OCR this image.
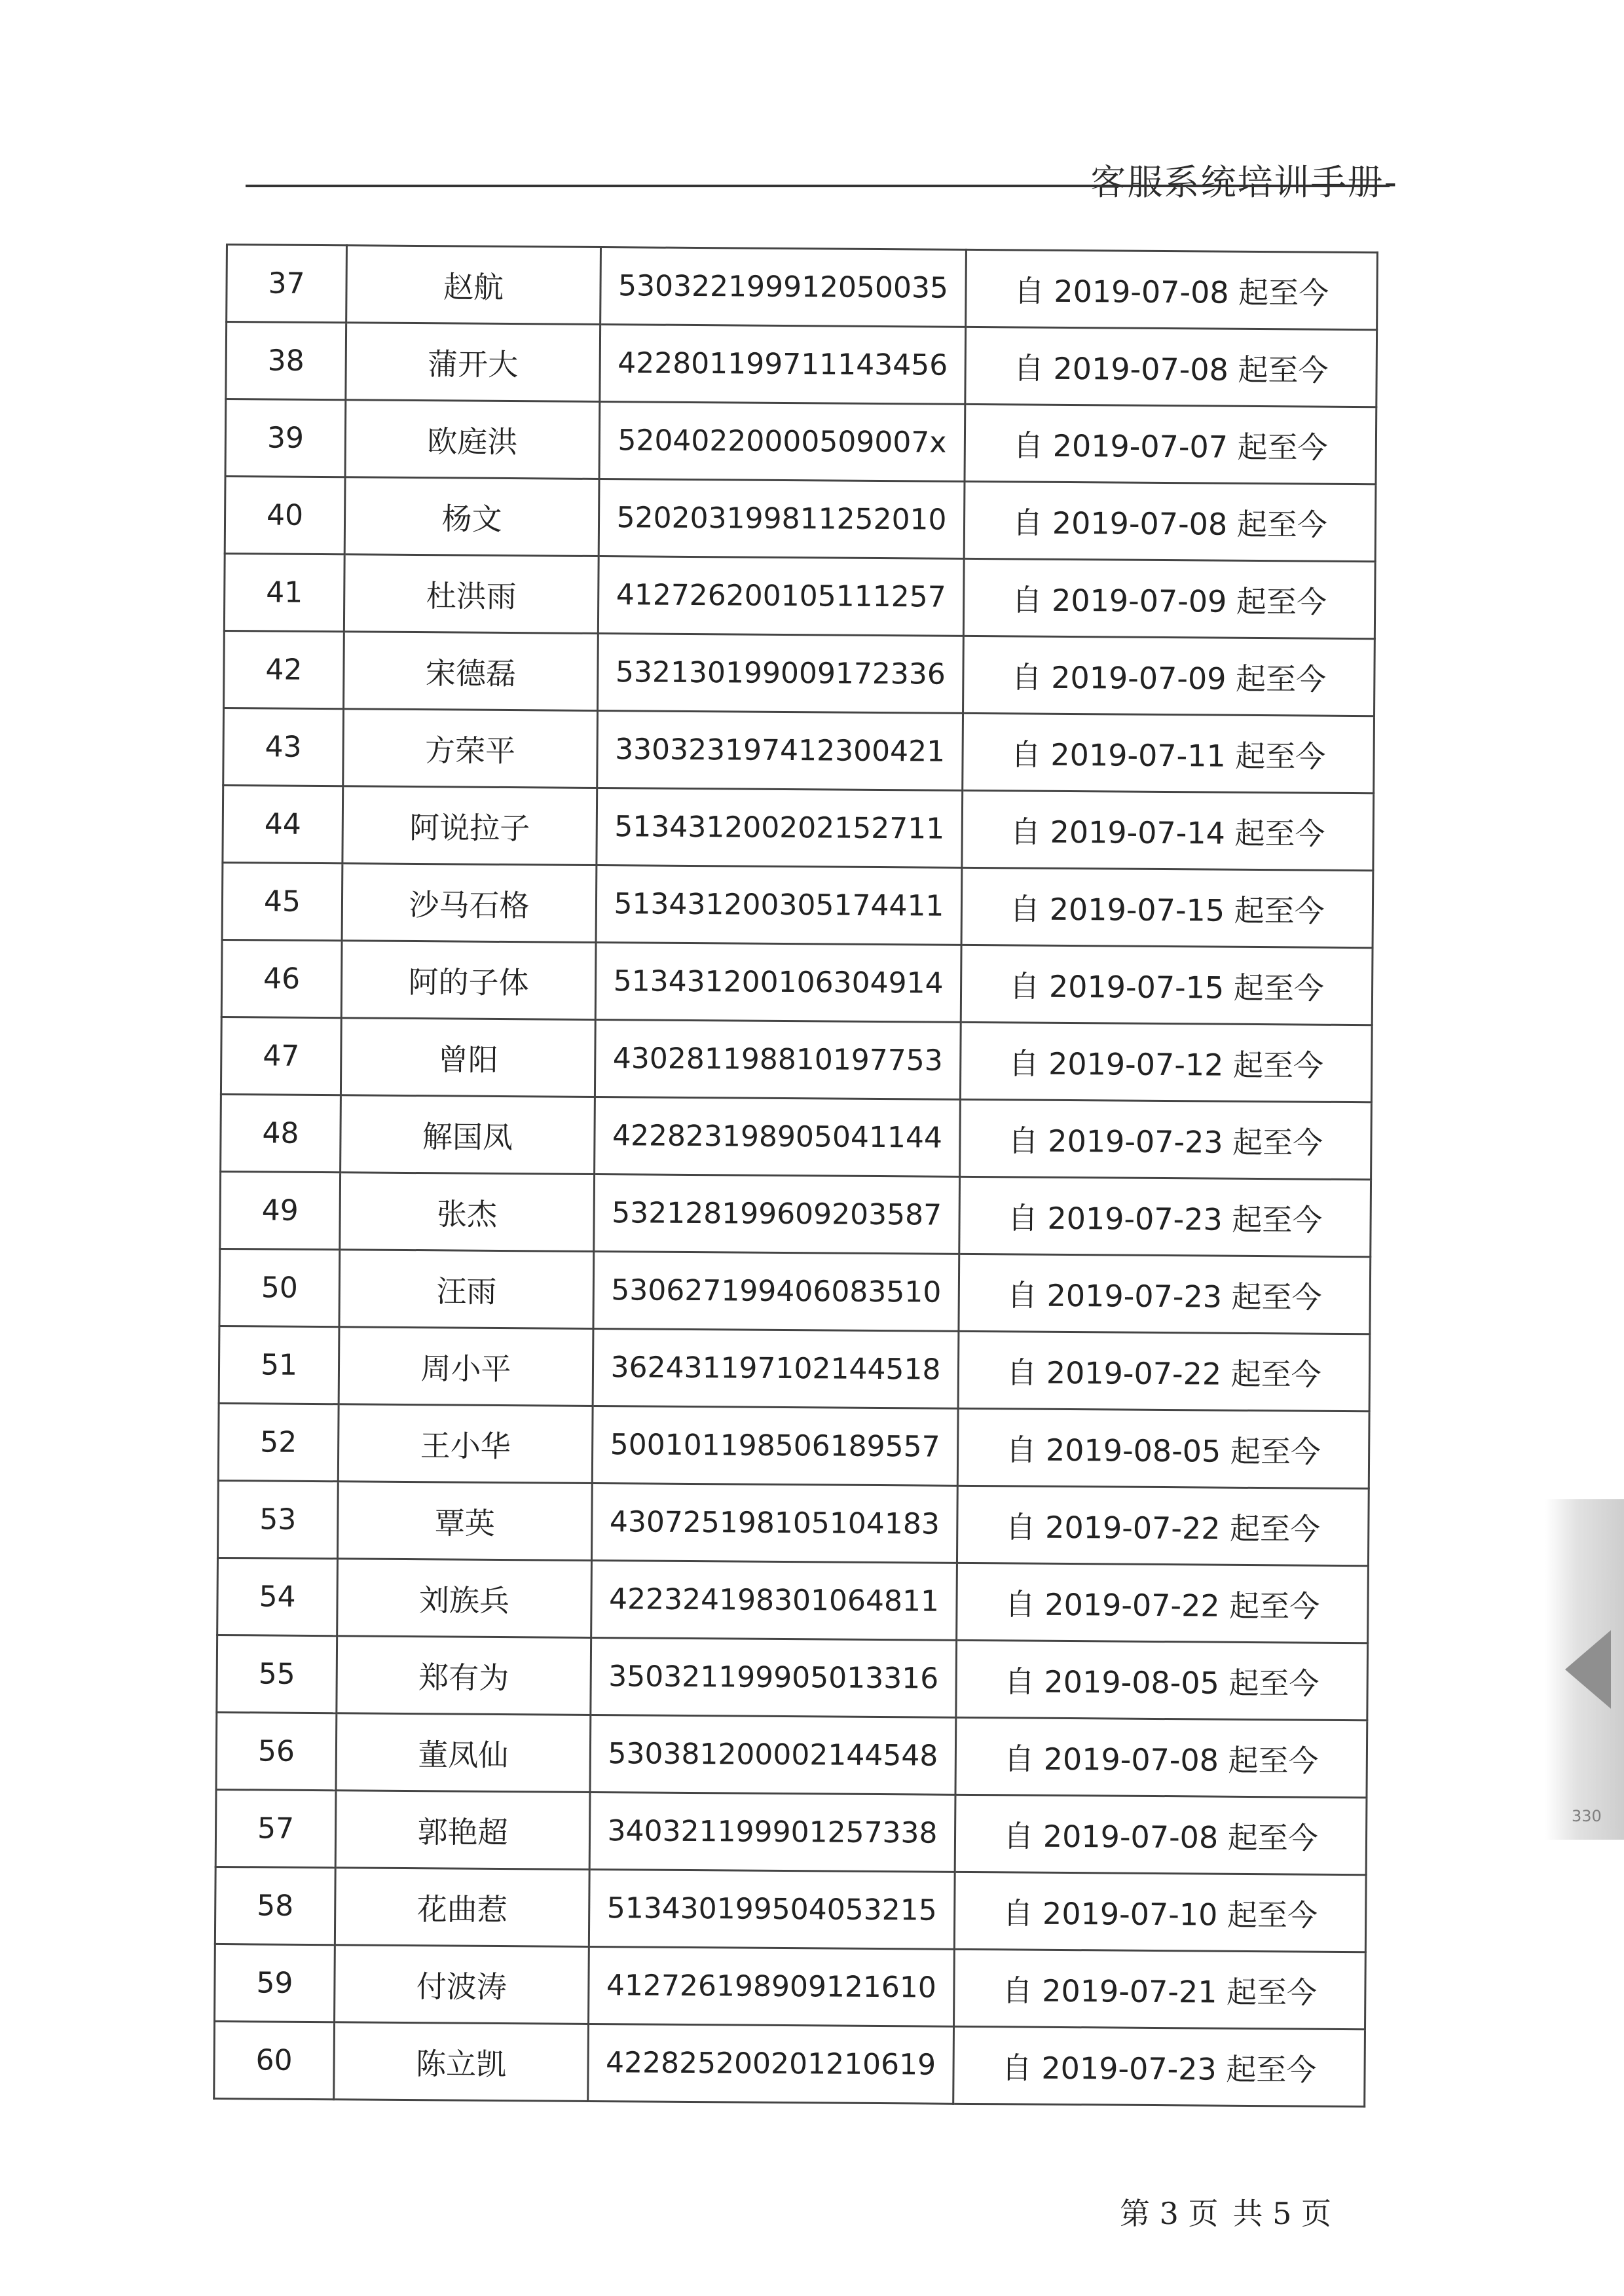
客服系统培训手册-
37	赵航	530322199912050035	自 2019-07-08 起至今
38	蒲开大	422801199711143456	自 2019-07-08 起至今
39	欧庭洪	52040220000509007x	自 2019-07-07 起至今
40	杨文	520203199811252010	自 2019-07-08 起至今
41	杜洪雨	412726200105111257	自 2019-07-09 起至今
42	宋德磊	532130199009172336	自 2019-07-09 起至今
43	方荣平	330323197412300421	自 2019-07-11 起至今
44	阿说拉子	513431200202152711	自 2019-07-14 起至今
45	沙马石格	513431200305174411	自 2019-07-15 起至今
46	阿的子体	513431200106304914	自 2019-07-15 起至今
47	曾阳	430281198810197753	自 2019-07-12 起至今
48	解国凤	422823198905041144	自 2019-07-23 起至今
49	张杰	532128199609203587	自 2019-07-23 起至今
50	汪雨	530627199406083510	自 2019-07-23 起至今
51	周小平	362431197102144518	自 2019-07-22 起至今
52	王小华	500101198506189557	自 2019-08-05 起至今
53	覃英	430725198105104183	自 2019-07-22 起至今
54	刘族兵	422324198301064811	自 2019-07-22 起至今
55	郑有为	350321199905013316	自 2019-08-05 起至今
56	董凤仙	530381200002144548	自 2019-07-08 起至今
57	郭艳超	340321199901257338	自 2019-07-08 起至今
58	花曲惹	513430199504053215	自 2019-07-10 起至今
59	付波涛	412726198909121610	自 2019-07-21 起至今
60	陈立凯	422825200201210619	自 2019-07-23 起至今
第 3 页 共 5 页
330
